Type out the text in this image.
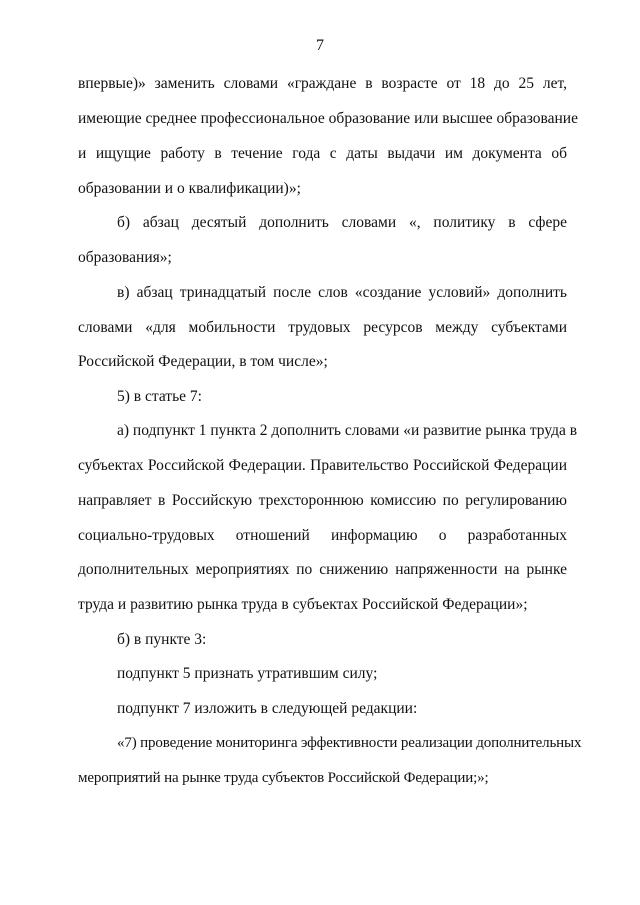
7
впервые)» заменить словами «граждане в возрасте от 18 до 25 лет,
имеющие среднее профессиональное образование или высшее образование
и ищущие работу в течение года с даты выдачи им документа об
образовании и о квалификации)»;
б) абзац десятый дополнить словами «, политику в сфере
образования»;
в) абзац тринадцатый после слов «создание условий» дополнить
словами «для мобильности трудовых ресурсов между субъектами
Российской Федерации, в том числе»;
5) в статье 7:
а) подпункт 1 пункта 2 дополнить словами «и развитие рынка труда в
субъектах Российской Федерации. Правительство Российской Федерации
направляет в Российскую трехстороннюю комиссию по регулированию
социально-трудовых отношений информацию о разработанных
дополнительных мероприятиях по снижению напряженности на рынке
труда и развитию рынка труда в субъектах Российской Федерации»;
б) в пункте 3:
подпункт 5 признать утратившим силу;
подпункт 7 изложить в следующей редакции:
«7) проведение мониторинга эффективности реализации дополнительных
мероприятий на рынке труда субъектов Российской Федерации;»;
